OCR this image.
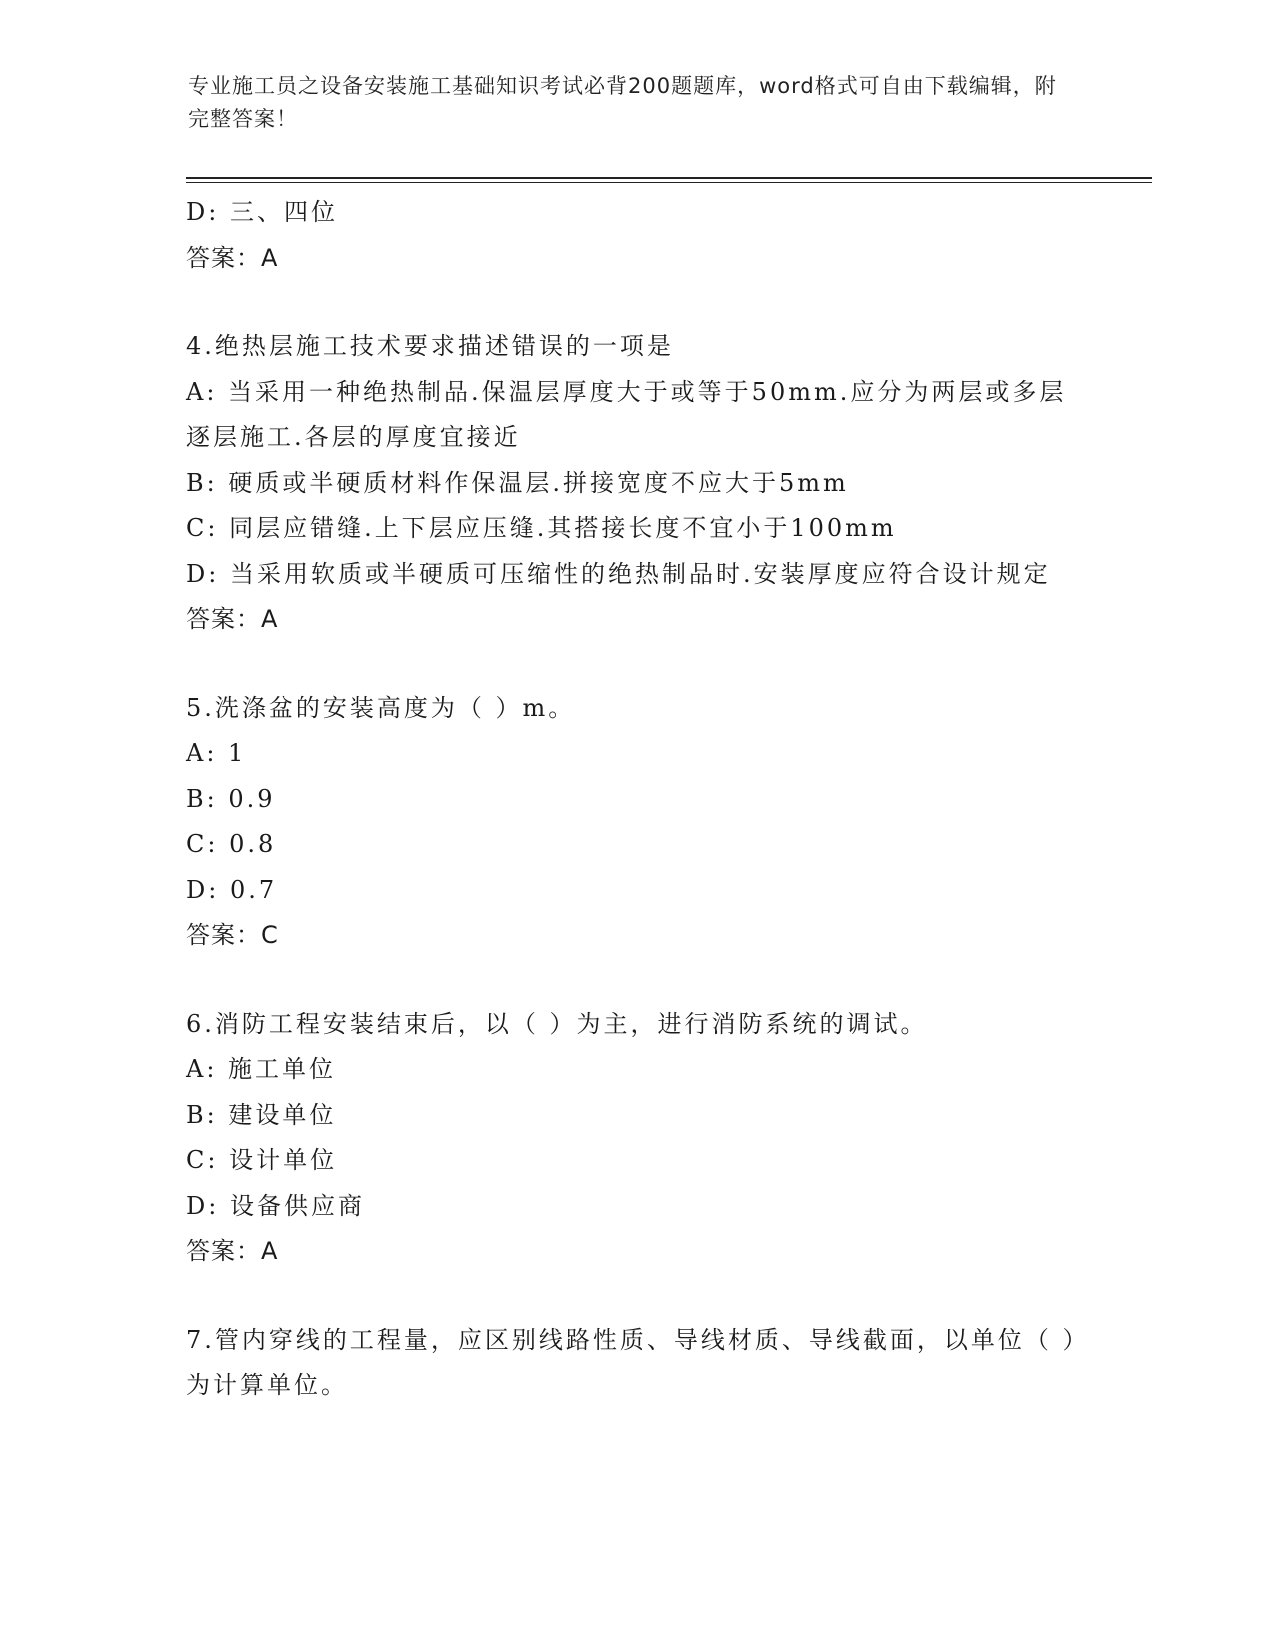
专业施工员之设备安装施工基础知识考试必背200题题库，word格式可自由下载编辑，附完整答案！
D: 三、四位
答案：A
4.绝热层施工技术要求描述错误的一项是
A: 当采用一种绝热制品.保温层厚度大于或等于50mm.应分为两层或多层逐层施工.各层的厚度宜接近
B: 硬质或半硬质材料作保温层.拼接宽度不应大于5mm
C: 同层应错缝.上下层应压缝.其搭接长度不宜小于100mm
D: 当采用软质或半硬质可压缩性的绝热制品时.安装厚度应符合设计规定
答案：A
5.洗涤盆的安装高度为（ ）m。
A: 1
B: 0.9
C: 0.8
D: 0.7
答案：C
6.消防工程安装结束后，以（ ）为主，进行消防系统的调试。
A: 施工单位
B: 建设单位
C: 设计单位
D: 设备供应商
答案：A
7.管内穿线的工程量，应区别线路性质、导线材质、导线截面，以单位（ ）为计算单位。
